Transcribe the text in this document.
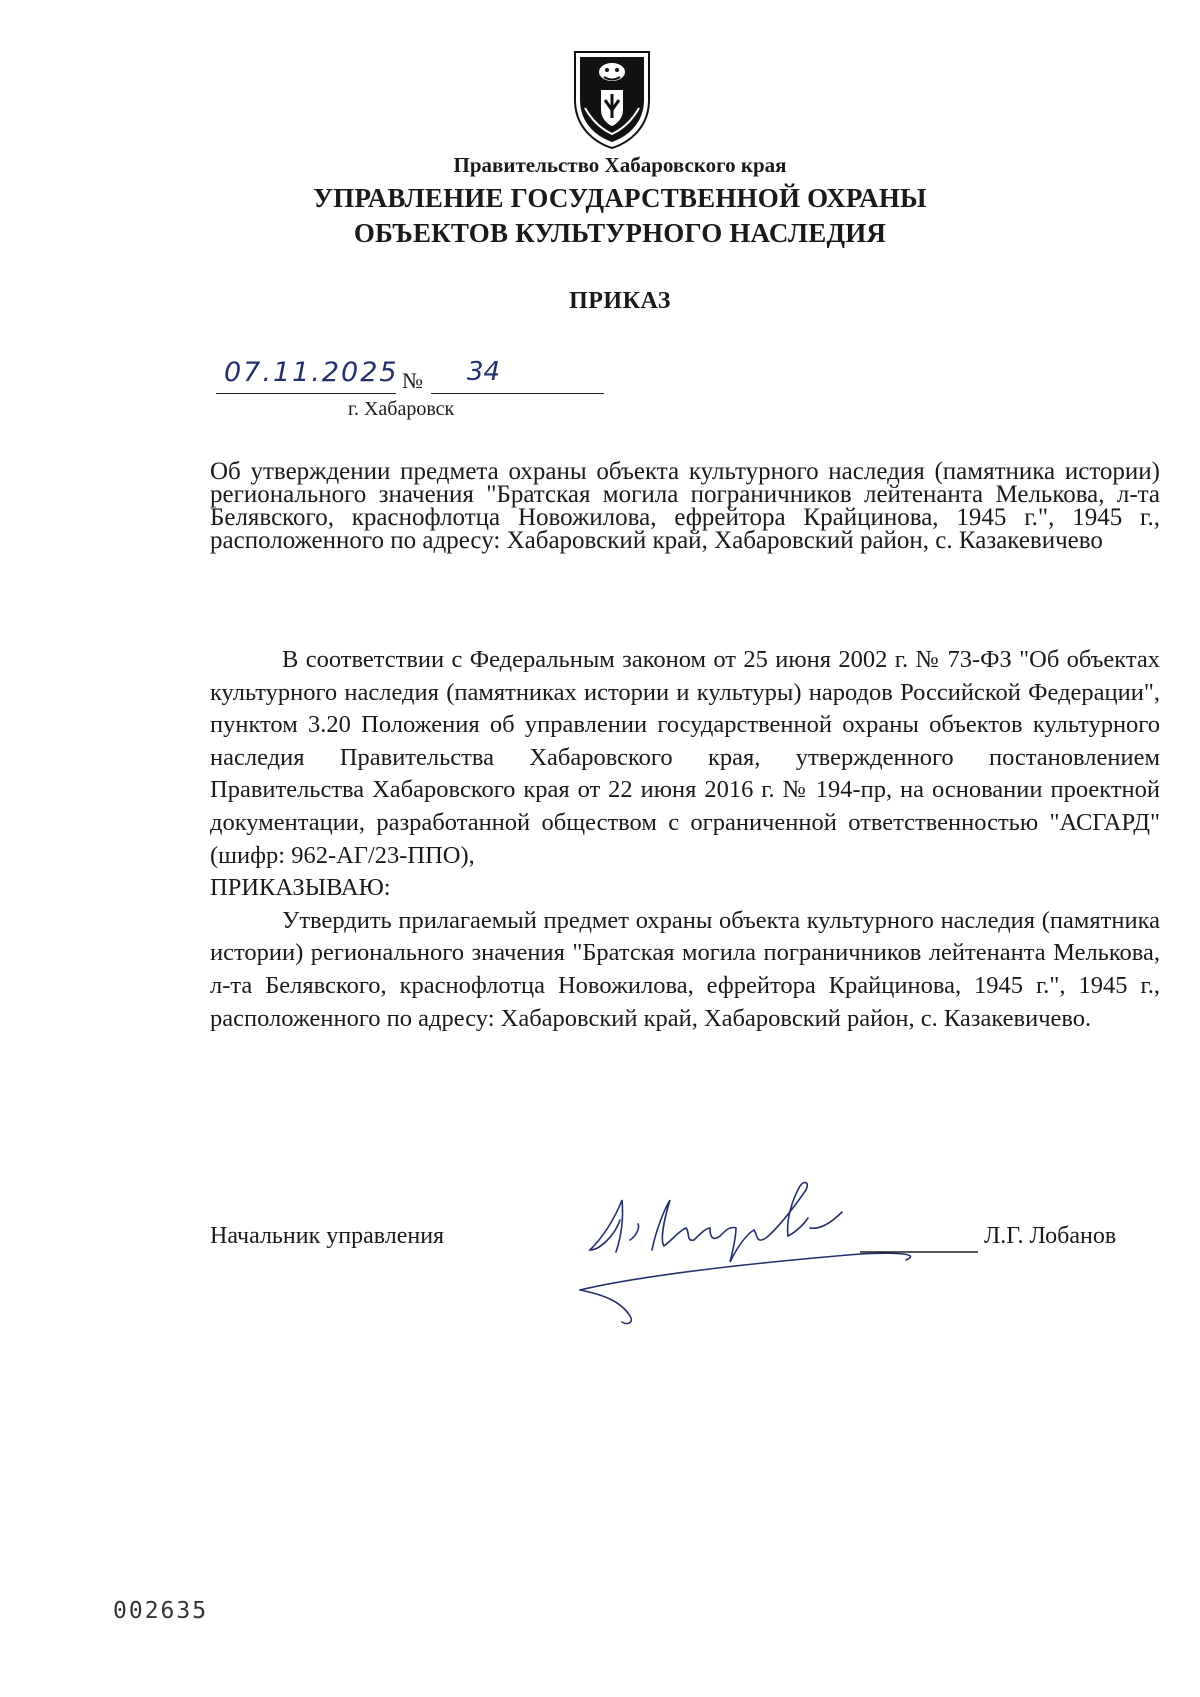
Правительство Хабаровского края
УПРАВЛЕНИЕ ГОСУДАРСТВЕННОЙ ОХРАНЫ
ОБЪЕКТОВ КУЛЬТУРНОГО НАСЛЕДИЯ
ПРИКАЗ
07.11.2025 № 34
г. Хабаровск
Об утверждении предмета охраны объекта культурного наследия (памятника истории) регионального значения "Братская могила пограничников лейтенанта Мелькова, л-та Белявского, краснофлотца Новожилова, ефрейтора Крайцинова, 1945 г.", 1945 г., расположенного по адресу: Хабаровский край, Хабаровский район, с. Казакевичево

В соответствии с Федеральным законом от 25 июня 2002 г. № 73-ФЗ "Об объектах культурного наследия (памятниках истории и культуры) народов Российской Федерации", пунктом 3.20 Положения об управлении государственной охраны объектов культурного наследия Правительства Хабаровского края, утвержденного постановлением Правительства Хабаровского края от 22 июня 2016 г. № 194-пр, на основании проектной документации, разработанной обществом с ограниченной ответственностью "АСГАРД" (шифр: 962-АГ/23-ППО),

ПРИКАЗЫВАЮ:

Утвердить прилагаемый предмет охраны объекта культурного наследия (памятника истории) регионального значения "Братская могила пограничников лейтенанта Мелькова, л-та Белявского, краснофлотца Новожилова, ефрейтора Крайцинова, 1945 г.", 1945 г., расположенного по адресу: Хабаровский край, Хабаровский район, с. Казакевичево.

Начальник управления	Л.Г. Лобанов
002635
